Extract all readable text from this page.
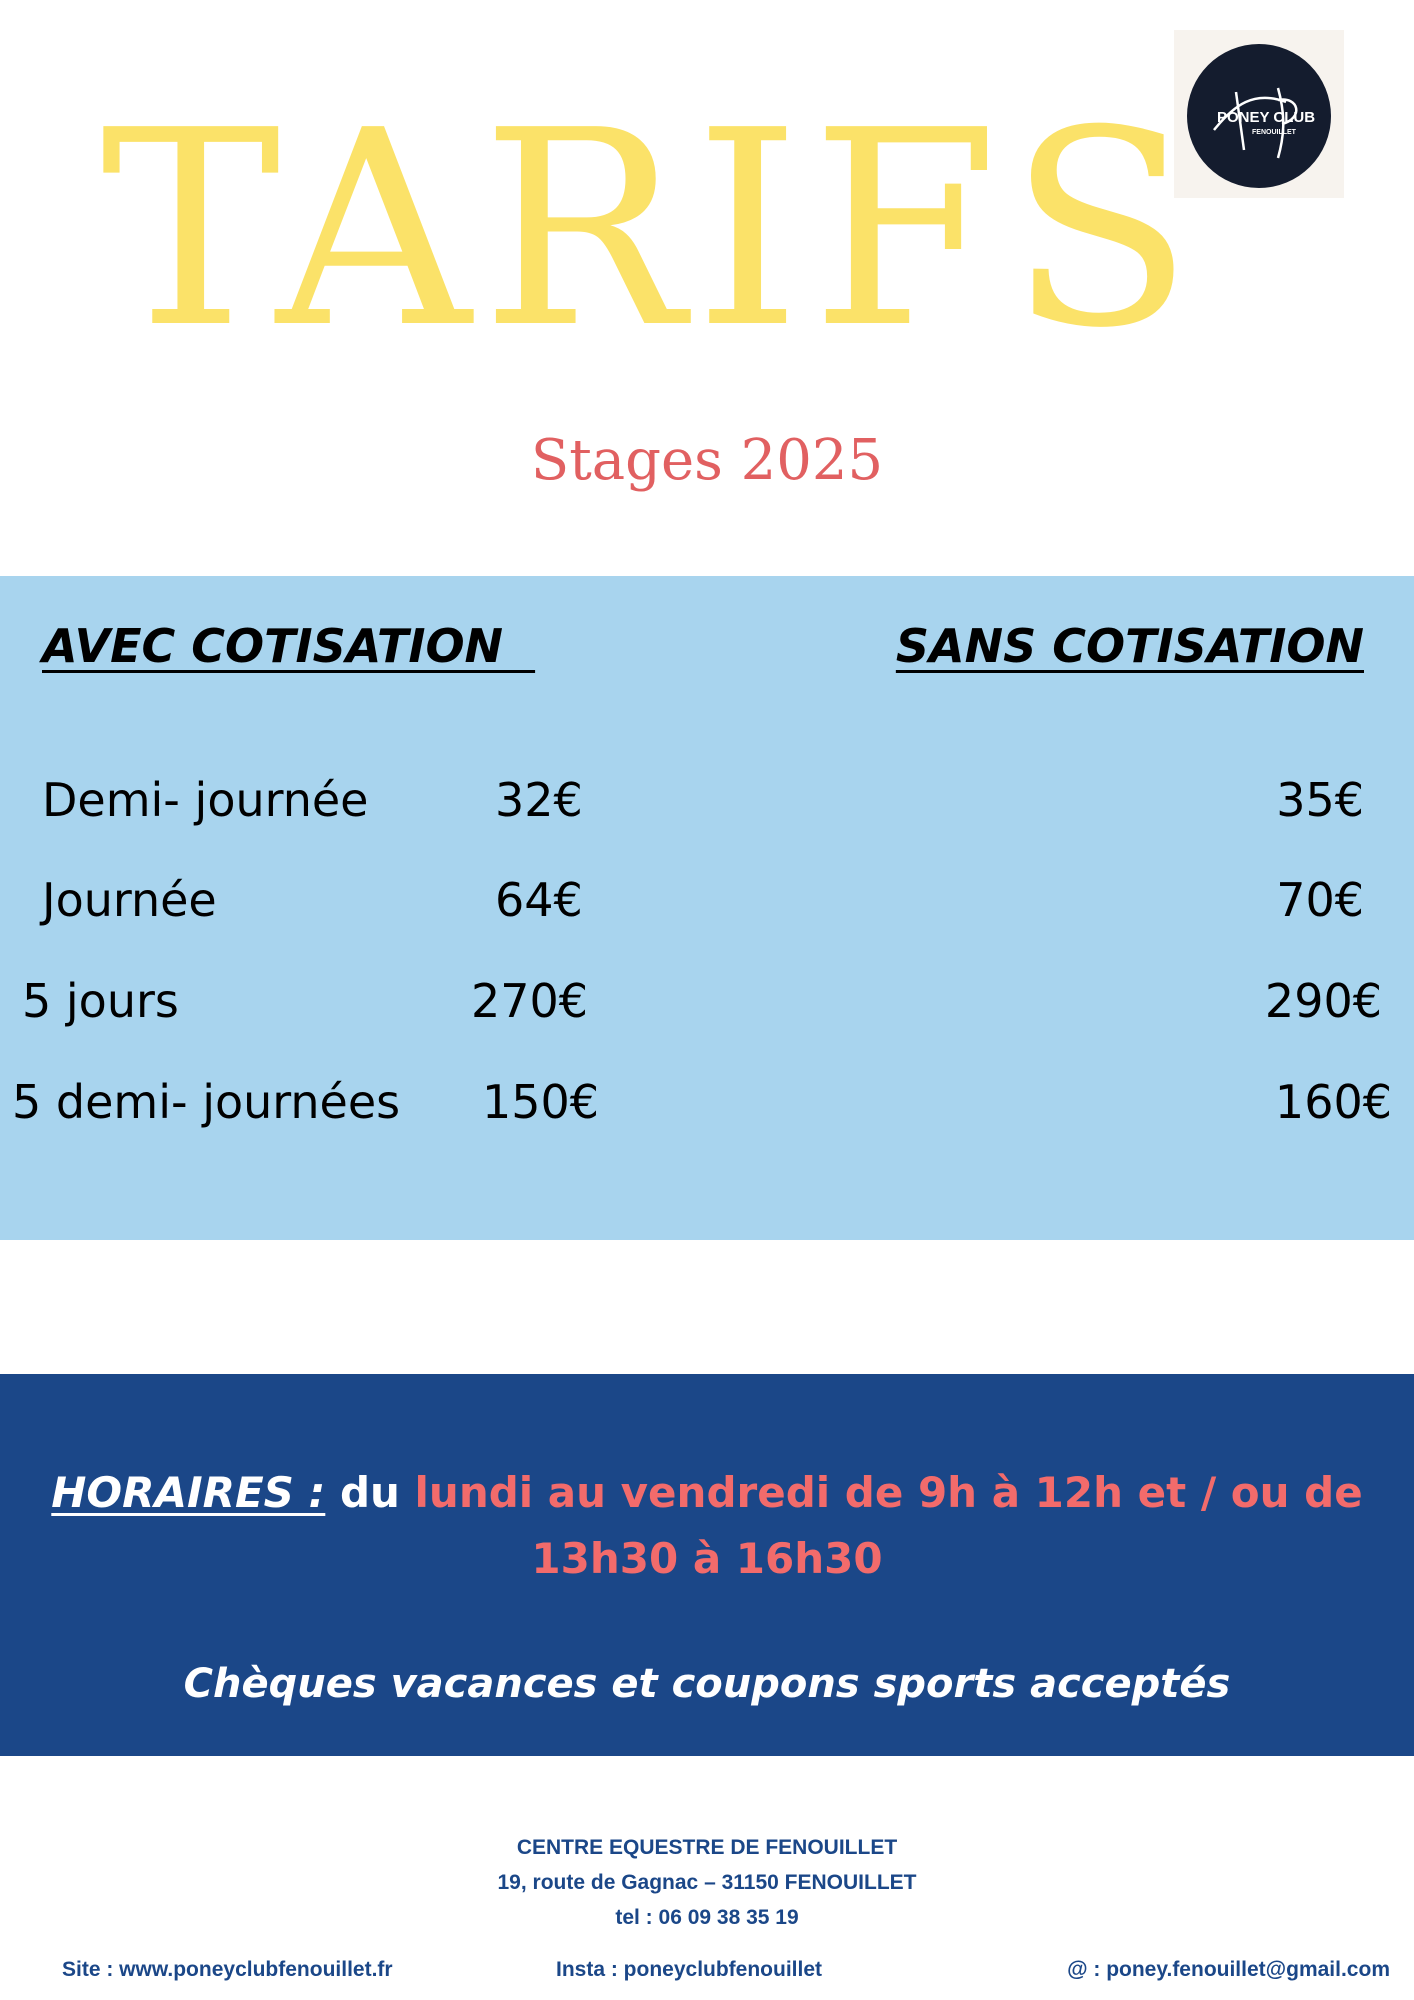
PONEY CLUB
FENOUILLET
TARIFS
Stages 2025
AVEC COTISATION	SANS COTISATION
Demi- journée	32€	35€
Journée	64€	70€
5 jours	270€	290€
5 demi- journées 150€	160€
HORAIRES : du lundi au vendredi de 9h à 12h et / ou de 13h30 à 16h30
Chèques vacances et coupons sports acceptés
CENTRE EQUESTRE DE FENOUILLET
19, route de Gagnac – 31150 FENOUILLET
tel : 06 09 38 35 19
Site : www.poneyclubfenouillet.fr	Insta : poneyclubfenouillet	@ : poney.fenouillet@gmail.com
